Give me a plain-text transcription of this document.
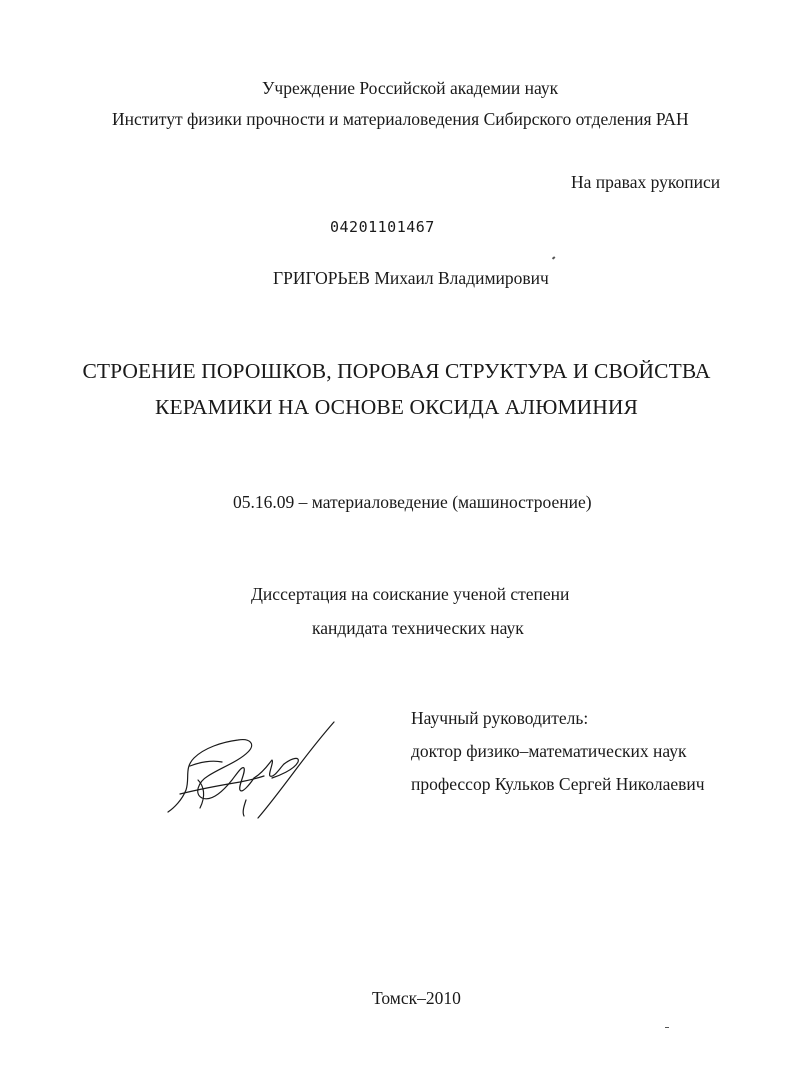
Учреждение Российской академии наук
Институт физики прочности и материаловедения Сибирского отделения РАН
На правах рукописи
04201101467
ГРИГОРЬЕВ Михаил Владимирович
СТРОЕНИЕ ПОРОШКОВ, ПОРОВАЯ СТРУКТУРА И СВОЙСТВА
КЕРАМИКИ НА ОСНОВЕ ОКСИДА АЛЮМИНИЯ
05.16.09 – материаловедение (машиностроение)
Диссертация на соискание ученой степени
кандидата технических наук
Научный руководитель:
доктор физико–математических наук
профессор Кульков Сергей Николаевич
Томск–2010
